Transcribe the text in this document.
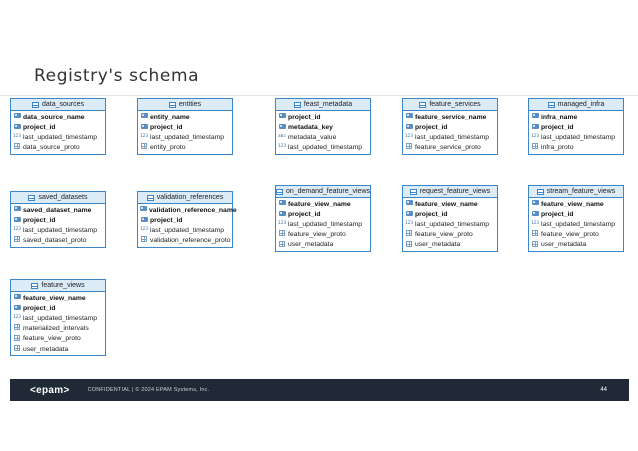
Registry's schema
data_sources
data_source_name
project_id
123 last_updated_timestamp
data_source_proto
entities
entity_name
project_id
123 last_updated_timestamp
entity_proto
feast_metadata
project_id
metadata_key
abc metadata_value
123 last_updated_timestamp
feature_services
feature_service_name
project_id
123 last_updated_timestamp
feature_service_proto
managed_infra
infra_name
project_id
123 last_updated_timestamp
infra_proto
saved_datasets
saved_dataset_name
project_id
123 last_updated_timestamp
saved_dataset_proto
validation_references
validation_reference_name
project_id
123 last_updated_timestamp
validation_reference_proto
on_demand_feature_views
feature_view_name
project_id
123 last_updated_timestamp
feature_view_proto
user_metadata
request_feature_views
feature_view_name
project_id
123 last_updated_timestamp
feature_view_proto
user_metadata
stream_feature_views
feature_view_name
project_id
123 last_updated_timestamp
feature_view_proto
user_metadata
feature_views
feature_view_name
project_id
123 last_updated_timestamp
materialized_intervals
feature_view_proto
user_metadata
<epam>	CONFIDENTIAL | © 2024 EPAM Systems, Inc.	44
